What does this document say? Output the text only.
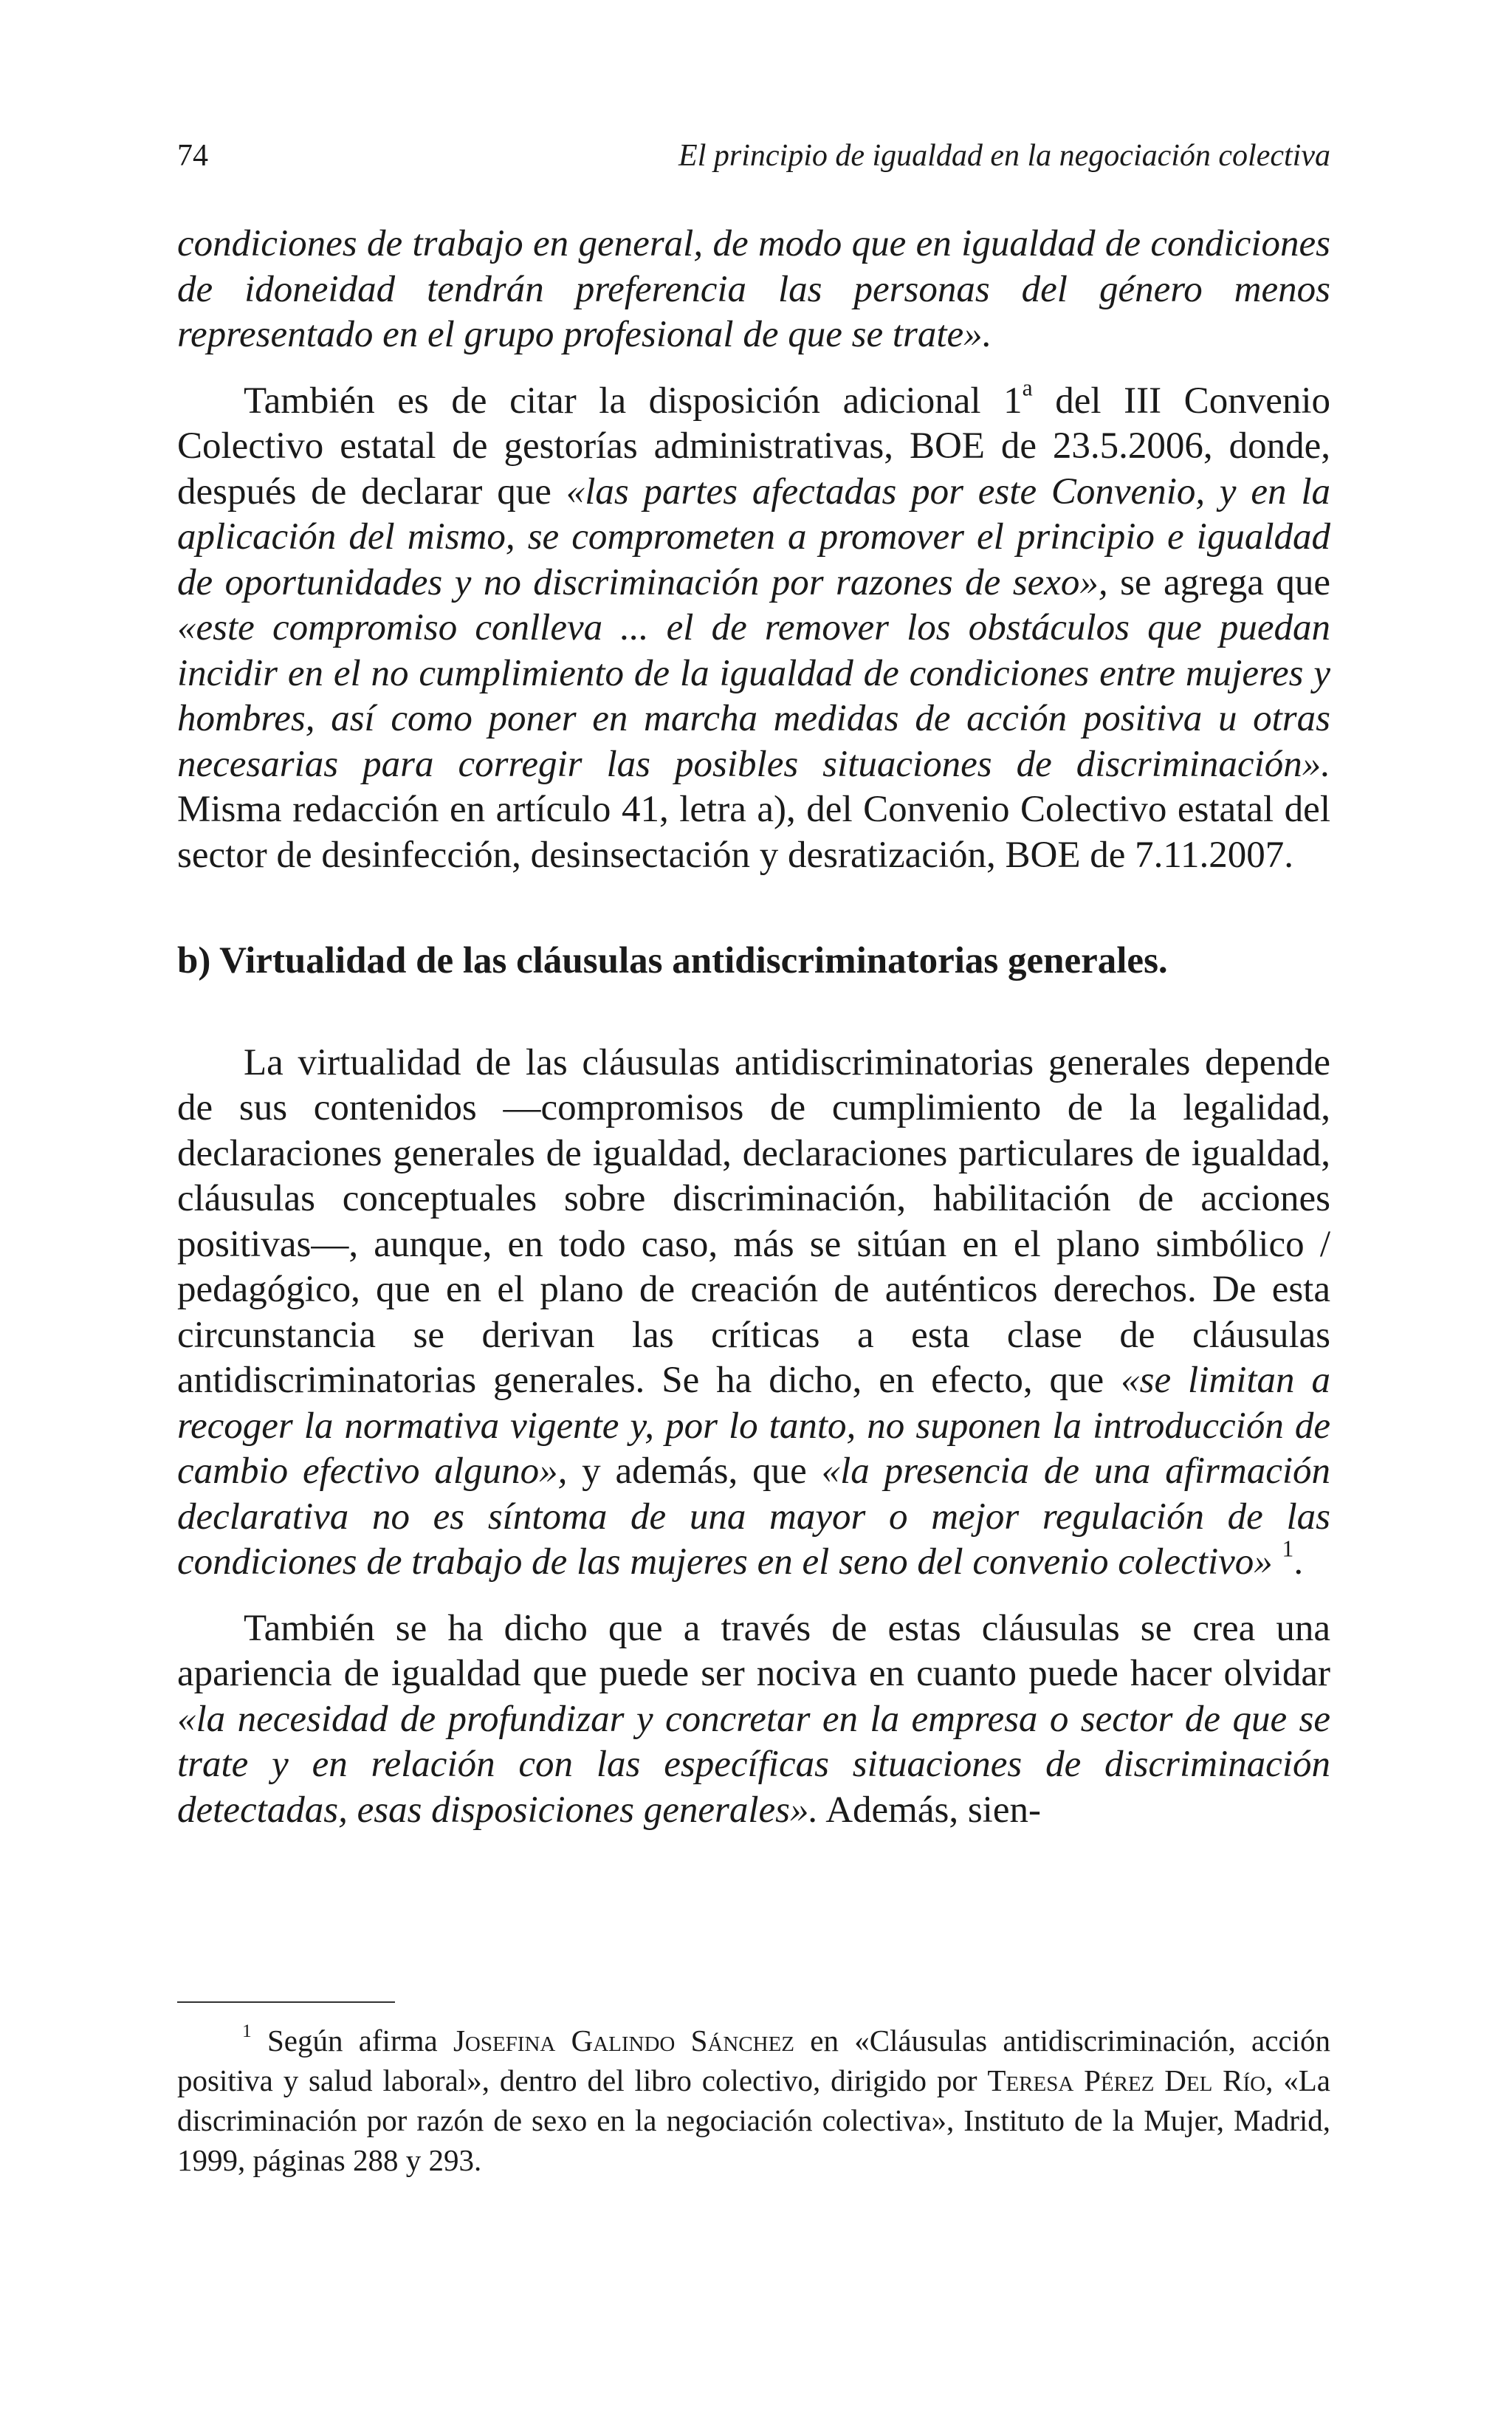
74	El principio de igualdad en la negociación colectiva

condiciones de trabajo en general, de modo que en igualdad de condiciones de idoneidad tendrán preferencia las personas del género menos representado en el grupo profesional de que se trate».

También es de citar la disposición adicional 1$^a$ del III Convenio Colectivo estatal de gestorías administrativas, BOE de 23.5.2006, donde, después de declarar que «las partes afectadas por este Convenio, y en la aplicación del mismo, se comprometen a promover el principio e igualdad de oportunidades y no discriminación por razones de sexo», se agrega que «este compromiso conlleva ... el de remover los obstáculos que puedan incidir en el no cumplimiento de la igualdad de condiciones entre mujeres y hombres, así como poner en marcha medidas de acción positiva u otras necesarias para corregir las posibles situaciones de discriminación». Misma redacción en artículo 41, letra a), del Convenio Colectivo estatal del sector de desinfección, desinsectación y desratización, BOE de 7.11.2007.

b) Virtualidad de las cláusulas antidiscriminatorias generales.

La virtualidad de las cláusulas antidiscriminatorias generales depende de sus contenidos —compromisos de cumplimiento de la legalidad, declaraciones generales de igualdad, declaraciones particulares de igualdad, cláusulas conceptuales sobre discriminación, habilitación de acciones positivas—, aunque, en todo caso, más se sitúan en el plano simbólico / pedagógico, que en el plano de creación de auténticos derechos. De esta circunstancia se derivan las críticas a esta clase de cláusulas antidiscriminatorias generales. Se ha dicho, en efecto, que «se limitan a recoger la normativa vigente y, por lo tanto, no suponen la introducción de cambio efectivo alguno», y además, que «la presencia de una afirmación declarativa no es síntoma de una mayor o mejor regulación de las condiciones de trabajo de las mujeres en el seno del convenio colectivo» $^1$.

También se ha dicho que a través de estas cláusulas se crea una apariencia de igualdad que puede ser nociva en cuanto puede hacer olvidar «la necesidad de profundizar y concretar en la empresa o sector de que se trate y en relación con las específicas situaciones de discriminación detectadas, esas disposiciones generales». Además, sien-

$^1$ Según afirma Josefina Galindo Sánchez en «Cláusulas antidiscriminación, acción positiva y salud laboral», dentro del libro colectivo, dirigido por Teresa Pérez Del Río, «La discriminación por razón de sexo en la negociación colectiva», Instituto de la Mujer, Madrid, 1999, páginas 288 y 293.
